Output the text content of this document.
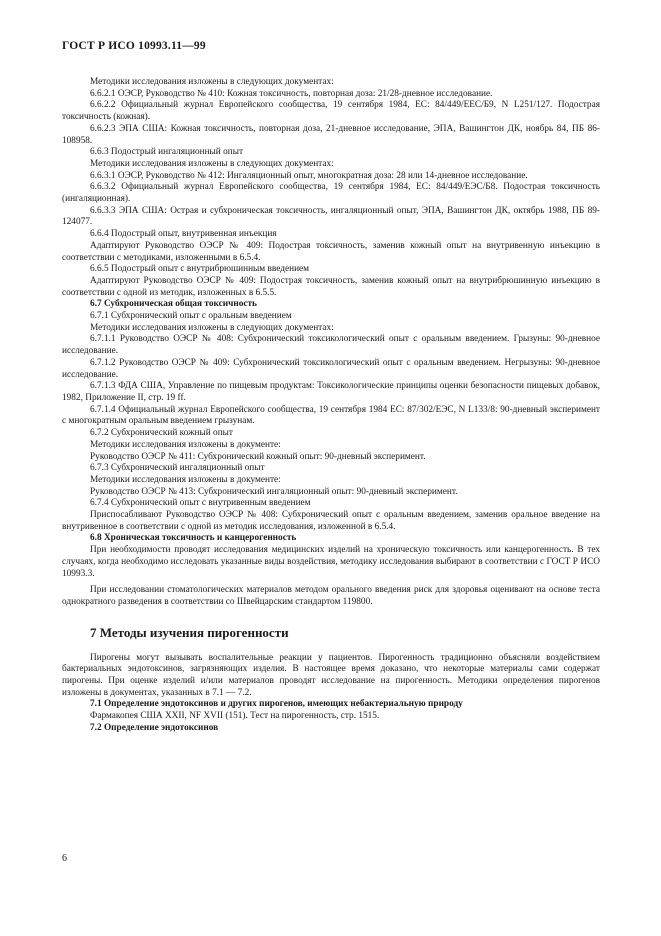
ГОСТ Р ИСО 10993.11—99

Методики исследования изложены в следующих документах:

6.6.2.1 ОЭСР, Руководство № 410: Кожная токсичность, повторная доза: 21/28-дневное исследование.

6.6.2.2 Официальный журнал Европейского сообщества, 19 сентября 1984, ЕС: 84/449/ЕЕС/Б9, N L251/127. Подострая токсичность (кожная).

6.6.2.3 ЭПА США: Кожная токсичность, повторная доза, 21-дневное исследование, ЭПА, Вашингтон ДК, ноябрь 84, ПБ 86-108958.

6.6.3 Подострый ингаляционный опыт

Методики исследования изложены в следующих документах:

6.6.3.1 ОЭСР, Руководство № 412: Ингаляционный опыт, многократная доза: 28 или 14-дневное исследование.

6.6.3.2 Официальный журнал Европейского сообщества, 19 сентября 1984, ЕС: 84/449/ЕЭС/Б8. Подострая токсичность (ингаляционная).

6.6.3.3 ЭПА США: Острая и субхроническая токсичность, ингаляционный опыт, ЭПА, Вашингтон ДК, октябрь 1988, ПБ 89-124077.

6.6.4 Подострый опыт, внутривенная инъекция

Адаптируют Руководство ОЭСР № 409: Подострая токсичность, заменив кожный опыт на внутривенную инъекцию в соответствии с методиками, изложенными в 6.5.4.

6.6.5 Подострый опыт с внутрибрюшинным введением

Адаптируют Руководство ОЭСР № 409: Подострая токсичность, заменив кожный опыт на внутрибрюшинную инъекцию в соответствии с одной из методик, изложенных в 6.5.5.

6.7 Субхроническая общая токсичность

6.7.1 Субхронический опыт с оральным введением

Методики исследования изложены в следующих документах:

6.7.1.1 Руководство ОЭСР № 408: Субхронический токсикологический опыт с оральным введением. Грызуны: 90-дневное исследование.

6.7.1.2 Руководство ОЭСР № 409: Субхронический токсикологический опыт с оральным введением. Негрызуны: 90-дневное исследование.

6.7.1.3 ФДА США, Управление по пищевым продуктам: Токсикологические принципы оценки безопасности пищевых добавок, 1982, Приложение II, стр. 19 ff.

6.7.1.4 Официальный журнал Европейского сообщества, 19 сентября 1984 ЕС: 87/302/ЕЭС, N L133/8: 90-дневный эксперимент с многократным оральным введением грызунам.

6.7.2 Субхронический кожный опыт

Методики исследования изложены в документе:

Руководство ОЭСР № 411: Субхронический кожный опыт: 90-дневный эксперимент.

6.7.3 Субхронический ингаляционный опыт

Методики исследования изложены в документе:

Руководство ОЭСР № 413: Субхронический ингаляционный опыт: 90-дневный эксперимент.

6.7.4 Субхронический опыт с внутривенным введением

Приспосабливают Руководство ОЭСР № 408: Субхронический опыт с оральным введением, заменив оральное введение на внутривенное в соответствии с одной из методик исследования, изложенной в 6.5.4.

6.8 Хроническая токсичность и канцерогенность

При необходимости проводят исследования медицинских изделий на хроническую токсичность или канцерогенность. В тех случаях, когда необходимо исследовать указанные виды воздействия, методику исследования выбирают в соответствии с ГОСТ Р ИСО 10993.3.

При исследовании стоматологических материалов методом орального введения риск для здоровья оценивают на основе теста однократного разведения в соответствии со Швейцарским стандартом 119800.

7 Методы изучения пирогенности

Пирогены могут вызывать воспалительные реакции у пациентов. Пирогенность традиционно объясняли воздействием бактериальных эндотоксинов, загрязняющих изделия. В настоящее время доказано, что некоторые материалы сами содержат пирогены. При оценке изделий и/или материалов проводят исследование на пирогенность. Методики определения пирогенов изложены в документах, указанных в 7.1 — 7.2.

7.1 Определение эндотоксинов и других пирогенов, имеющих небактериальную природу

Фармакопея США XXII, NF XVII (151). Тест на пирогенность, стр. 1515.

7.2 Определение эндотоксинов

6
